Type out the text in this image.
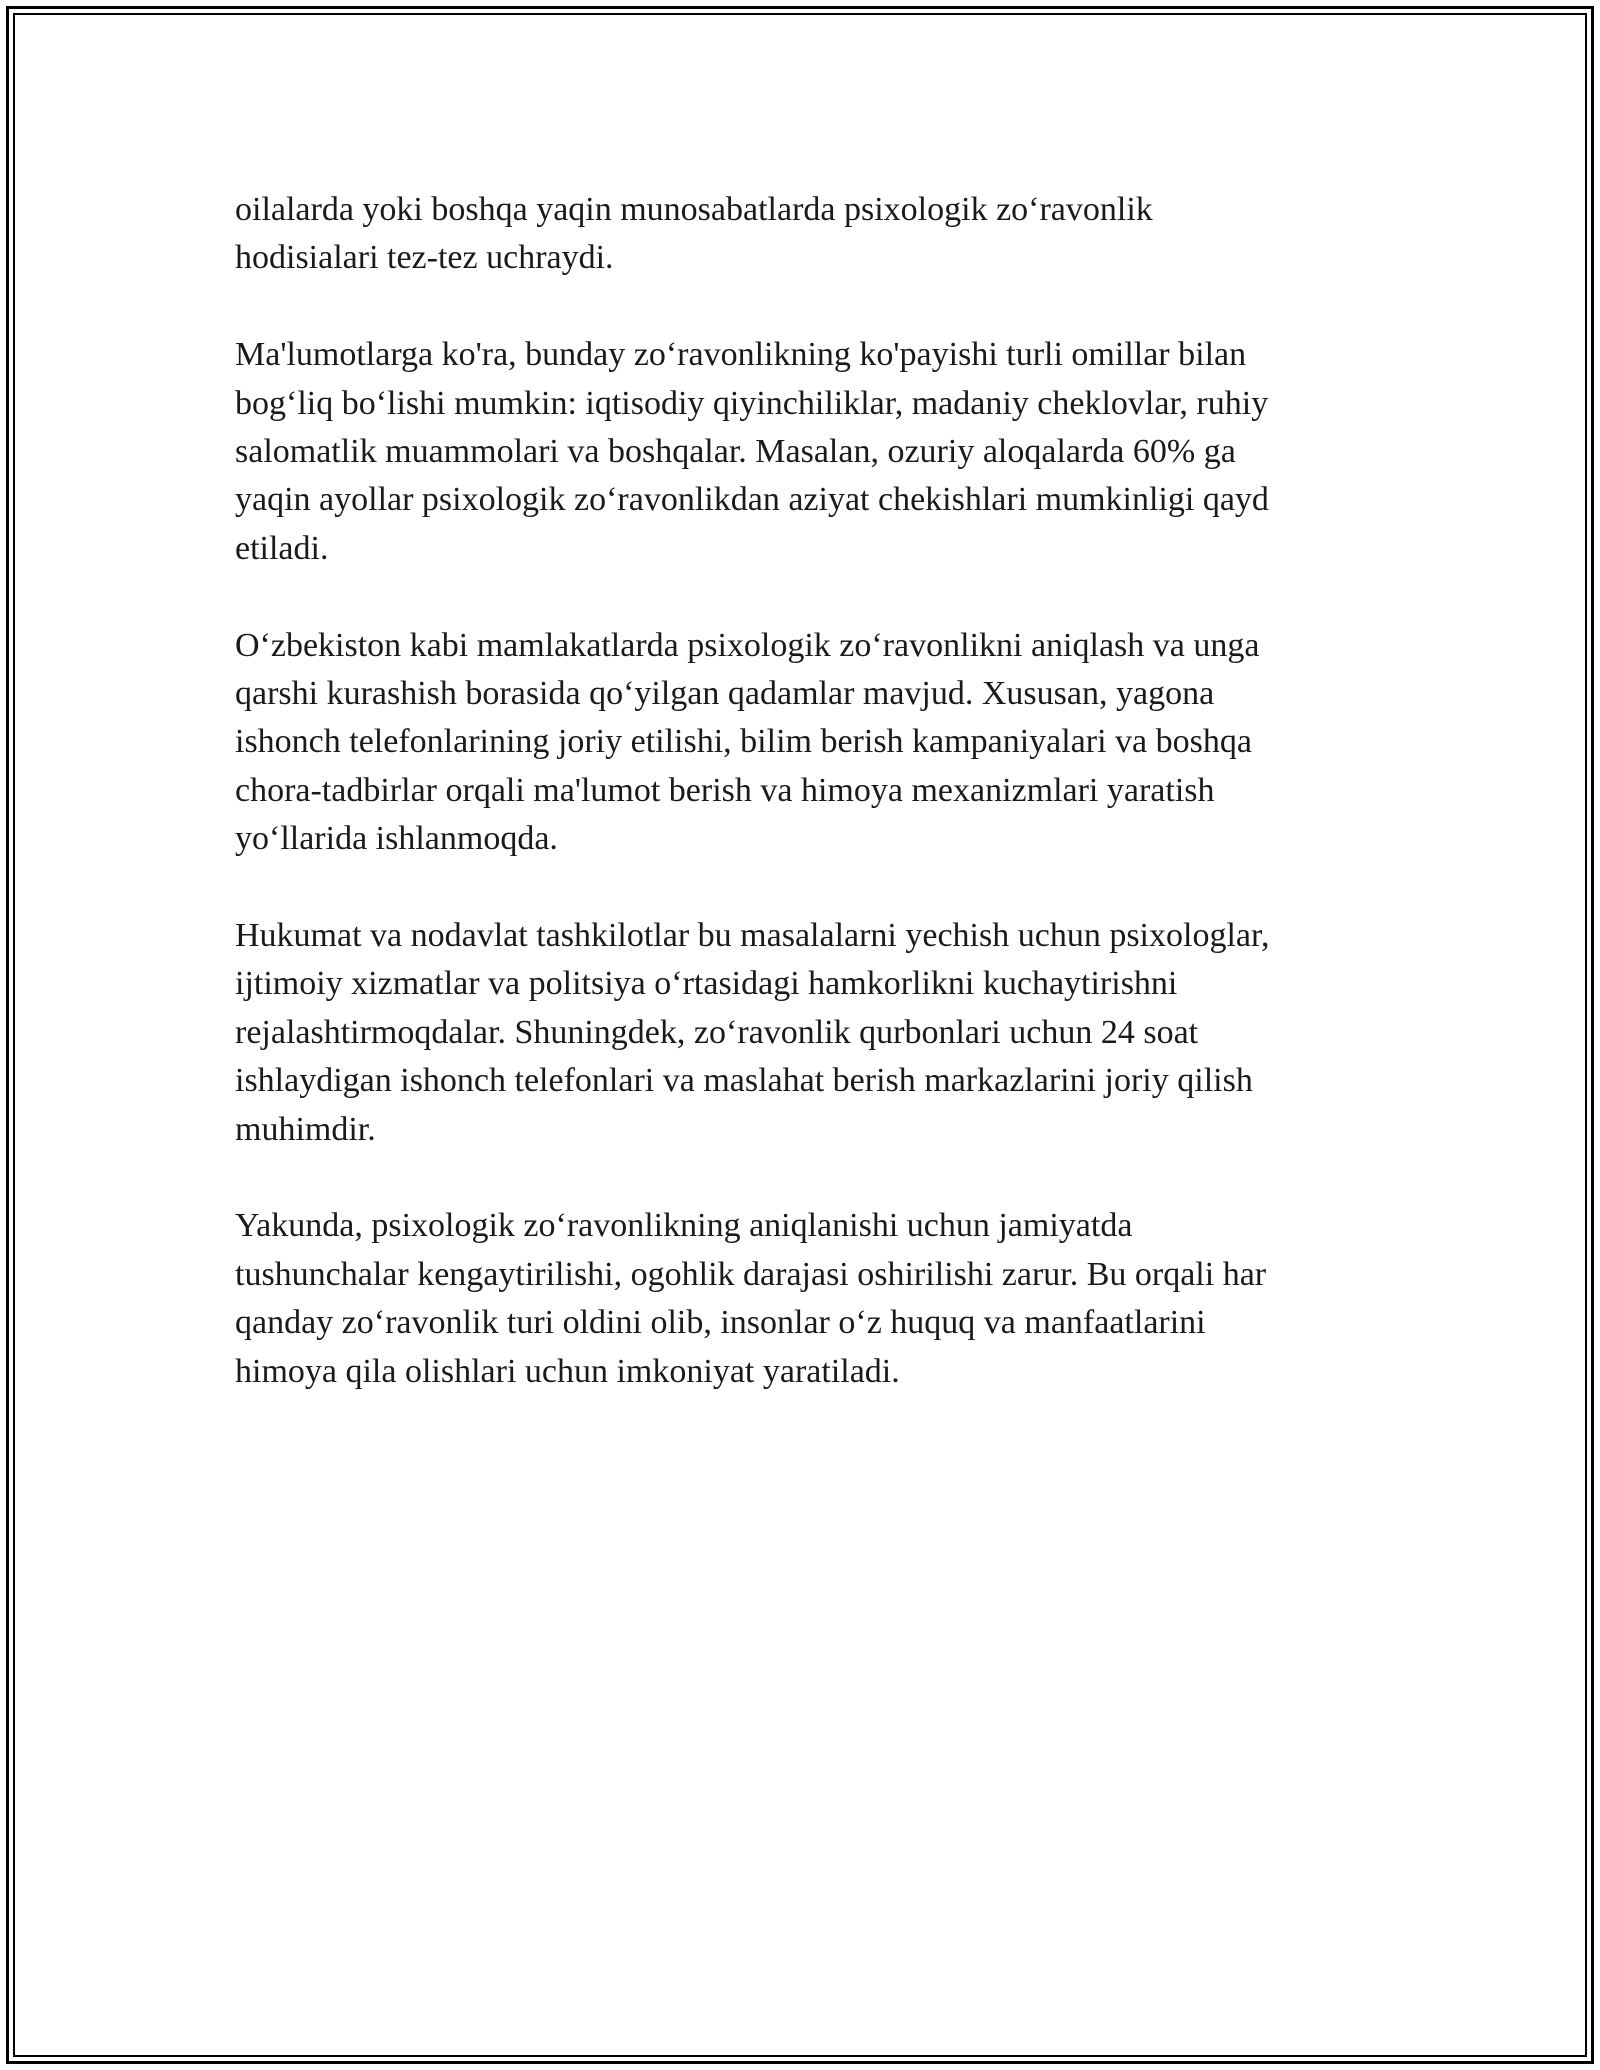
oilalarda yoki boshqa yaqin munosabatlarda psixologik zo‘ravonlik
hodisialari tez-tez uchraydi.

Ma'lumotlarga ko'ra, bunday zo‘ravonlikning ko'payishi turli omillar bilan
bog‘liq bo‘lishi mumkin: iqtisodiy qiyinchiliklar, madaniy cheklovlar, ruhiy
salomatlik muammolari va boshqalar. Masalan, ozuriy aloqalarda 60% ga
yaqin ayollar psixologik zo‘ravonlikdan aziyat chekishlari mumkinligi qayd
etiladi.

O‘zbekiston kabi mamlakatlarda psixologik zo‘ravonlikni aniqlash va unga
qarshi kurashish borasida qo‘yilgan qadamlar mavjud. Xususan, yagona
ishonch telefonlarining joriy etilishi, bilim berish kampaniyalari va boshqa
chora-tadbirlar orqali ma'lumot berish va himoya mexanizmlari yaratish
yo‘llarida ishlanmoqda.

Hukumat va nodavlat tashkilotlar bu masalalarni yechish uchun psixologlar,
ijtimoiy xizmatlar va politsiya o‘rtasidagi hamkorlikni kuchaytirishni
rejalashtirmoqdalar. Shuningdek, zo‘ravonlik qurbonlari uchun 24 soat
ishlaydigan ishonch telefonlari va maslahat berish markazlarini joriy qilish
muhimdir.

Yakunda, psixologik zo‘ravonlikning aniqlanishi uchun jamiyatda
tushunchalar kengaytirilishi, ogohlik darajasi oshirilishi zarur. Bu orqali har
qanday zo‘ravonlik turi oldini olib, insonlar o‘z huquq va manfaatlarini
himoya qila olishlari uchun imkoniyat yaratiladi.
